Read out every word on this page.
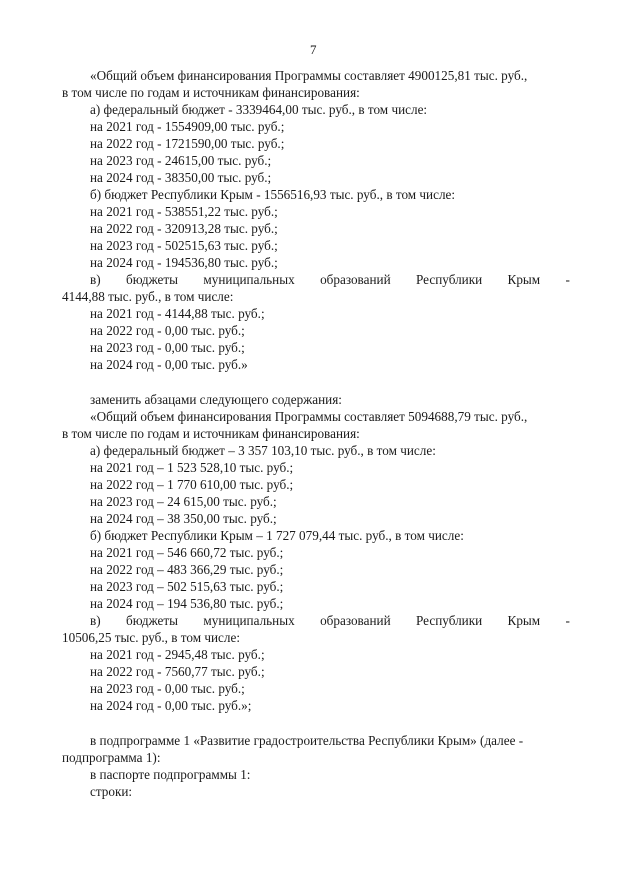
7
«Общий объем финансирования Программы составляет 4900125,81 тыс. руб.,
в том числе по годам и источникам финансирования:
а) федеральный бюджет - 3339464,00 тыс. руб., в том числе:
на 2021 год - 1554909,00 тыс. руб.;
на 2022 год - 1721590,00 тыс. руб.;
на 2023 год - 24615,00 тыс. руб.;
на 2024 год - 38350,00 тыс. руб.;
б) бюджет Республики Крым - 1556516,93 тыс. руб., в том числе:
на 2021 год - 538551,22 тыс. руб.;
на 2022 год - 320913,28 тыс. руб.;
на 2023 год - 502515,63 тыс. руб.;
на 2024 год - 194536,80 тыс. руб.;
в) бюджеты муниципальных образований Республики Крым -
4144,88 тыс. руб., в том числе:
на 2021 год - 4144,88 тыс. руб.;
на 2022 год - 0,00 тыс. руб.;
на 2023 год - 0,00 тыс. руб.;
на 2024 год - 0,00 тыс. руб.»
заменить абзацами следующего содержания:
«Общий объем финансирования Программы составляет 5094688,79 тыс. руб.,
в том числе по годам и источникам финансирования:
а) федеральный бюджет – 3 357 103,10 тыс. руб., в том числе:
на 2021 год – 1 523 528,10 тыс. руб.;
на 2022 год – 1 770 610,00 тыс. руб.;
на 2023 год – 24 615,00 тыс. руб.;
на 2024 год – 38 350,00 тыс. руб.;
б) бюджет Республики Крым – 1 727 079,44 тыс. руб., в том числе:
на 2021 год – 546 660,72 тыс. руб.;
на 2022 год – 483 366,29 тыс. руб.;
на 2023 год – 502 515,63 тыс. руб.;
на 2024 год – 194 536,80 тыс. руб.;
в) бюджеты муниципальных образований Республики Крым -
10506,25 тыс. руб., в том числе:
на 2021 год - 2945,48 тыс. руб.;
на 2022 год - 7560,77 тыс. руб.;
на 2023 год - 0,00 тыс. руб.;
на 2024 год - 0,00 тыс. руб.»;
в подпрограмме 1 «Развитие градостроительства Республики Крым» (далее -
подпрограмма 1):
в паспорте подпрограммы 1:
строки:
